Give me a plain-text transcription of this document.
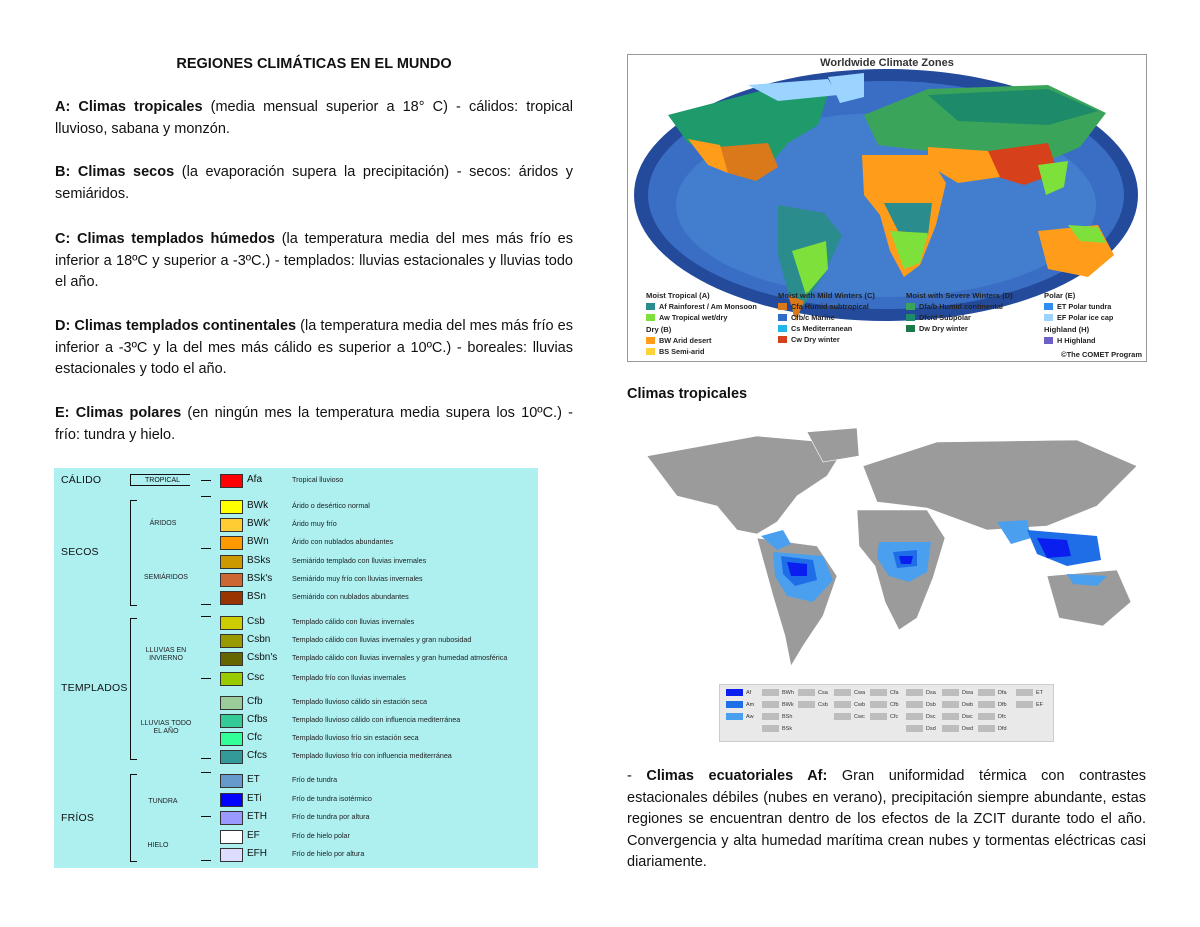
REGIONES CLIMÁTICAS EN EL MUNDO
A: Climas tropicales (media mensual superior a 18° C) - cálidos: tropical lluvioso, sabana y monzón.
B: Climas secos (la evaporación supera la precipitación) - secos: áridos y semiáridos.
C: Climas templados húmedos (la temperatura media del mes más frío es inferior a 18ºC y superior a -3ºC.) - templados: lluvias estacionales y lluvias todo el año.
D: Climas templados continentales (la temperatura media del mes más frío es inferior a -3ºC y la del mes más cálido es superior a 10ºC.) - boreales: lluvias estacionales y todo el año.
E: Climas polares (en ningún mes la temperatura media supera los 10ºC.) - frío: tundra y hielo.
CÁLIDO
SECOS
TEMPLADOS
FRÍOS
TROPICAL
ÁRIDOS
SEMIÁRIDOS
LLUVIAS EN INVIERNO
LLUVIAS TODO EL AÑO
TUNDRA
HIELO
Afa	Tropical lluvioso
BWk	Árido o desértico normal
BWk'	Árido muy frío
BWn	Árido con nublados abundantes
BSks	Semiárido templado con lluvias invernales
BSk's	Semiárido muy frío con lluvias invernales
BSn	Semiárido con nublados abundantes
Csb	Templado cálido con lluvias invernales
Csbn	Templado cálido con lluvias invernales y gran nubosidad
Csbn's Templado cálido con lluvias invernales y gran humedad atmosférica
Csc	Templado frío con lluvias invernales
Cfb	Templado lluvioso cálido sin estación seca
Cfbs	Templado lluvioso cálido con influencia mediterránea
Cfc	Templado lluvioso frío sin estación seca
Cfcs	Templado lluvioso frío con influencia mediterránea
ET	Frío de tundra
ETi	Frío de tundra isotérmico
ETH	Frío de tundra por altura
EF	Frío de hielo polar
EFH	Frío de hielo por altura
Worldwide Climate Zones
Moist Tropical (A)
Af Rainforest / Am Monsoon
Aw Tropical wet/dry
Dry (B)
BW Arid desert
BS Semi-arid
Moist with Mild Winters (C)
Cfa Humid subtropical
Cfb/c Marine
Cs Mediterranean
Cw Dry winter
Moist with Severe Winters (D)
Dfa/b Humid continental
Dfc/d Subpolar
Dw Dry winter
Polar (E)
ET Polar tundra
EF Polar ice cap
Highland (H)
H Highland
©The COMET Program
Climas tropicales
Af
Am
Aw
BWh
BWk
BSh
BSk
Csa
Csb
Cwa
Cwb
Cwc
Cfa
Cfb
Cfc
Dsa
Dsb
Dsc
Dsd
Dwa
Dwb
Dwc
Dwd
Dfa
Dfb
Dfc
Dfd
ET
EF
- Climas ecuatoriales Af: Gran uniformidad térmica con contrastes estacionales débiles (nubes en verano), precipitación siempre abundante, estas regiones se encuentran dentro de los efectos de la ZCIT durante todo el año. Convergencia y alta humedad marítima crean nubes y tormentas eléctricas casi diariamente.
